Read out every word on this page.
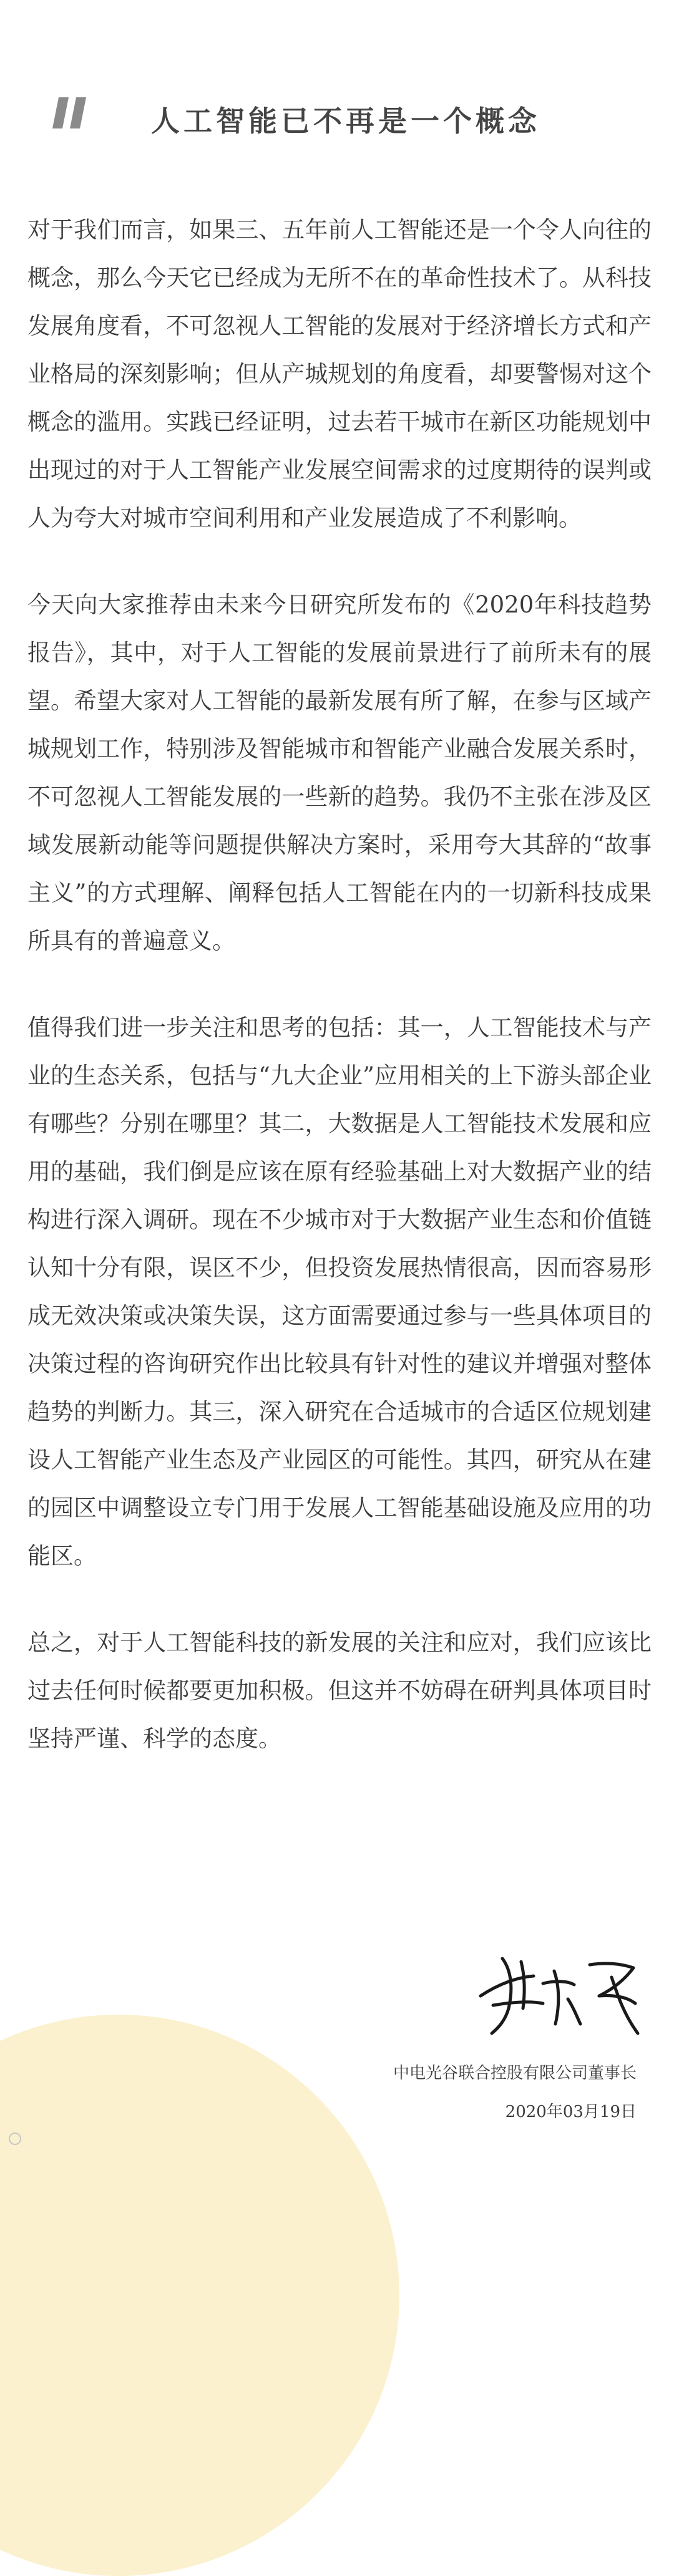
人工智能已不再是一个概念

对于我们而言，如果三、五年前人工智能还是一个令人向往的概念，那么今天它已经成为无所不在的革命性技术了。从科技发展角度看，不可忽视人工智能的发展对于经济增长方式和产业格局的深刻影响；但从产城规划的角度看，却要警惕对这个概念的滥用。实践已经证明，过去若干城市在新区功能规划中出现过的对于人工智能产业发展空间需求的过度期待的误判或人为夸大对城市空间利用和产业发展造成了不利影响。

今天向大家推荐由未来今日研究所发布的《2020年科技趋势报告》，其中，对于人工智能的发展前景进行了前所未有的展望。希望大家对人工智能的最新发展有所了解，在参与区域产城规划工作，特别涉及智能城市和智能产业融合发展关系时，不可忽视人工智能发展的一些新的趋势。我仍不主张在涉及区域发展新动能等问题提供解决方案时，采用夸大其辞的“故事主义”的方式理解、阐释包括人工智能在内的一切新科技成果所具有的普遍意义。

值得我们进一步关注和思考的包括：其一，人工智能技术与产业的生态关系，包括与“九大企业”应用相关的上下游头部企业有哪些？分别在哪里？其二，大数据是人工智能技术发展和应用的基础，我们倒是应该在原有经验基础上对大数据产业的结构进行深入调研。现在不少城市对于大数据产业生态和价值链认知十分有限，误区不少，但投资发展热情很高，因而容易形成无效决策或决策失误，这方面需要通过参与一些具体项目的决策过程的咨询研究作出比较具有针对性的建议并增强对整体趋势的判断力。其三，深入研究在合适城市的合适区位规划建设人工智能产业生态及产业园区的可能性。其四，研究从在建的园区中调整设立专门用于发展人工智能基础设施及应用的功能区。

总之，对于人工智能科技的新发展的关注和应对，我们应该比过去任何时候都要更加积极。但这并不妨碍在研判具体项目时坚持严谨、科学的态度。

中电光谷联合控股有限公司董事长
2020年03月19日
